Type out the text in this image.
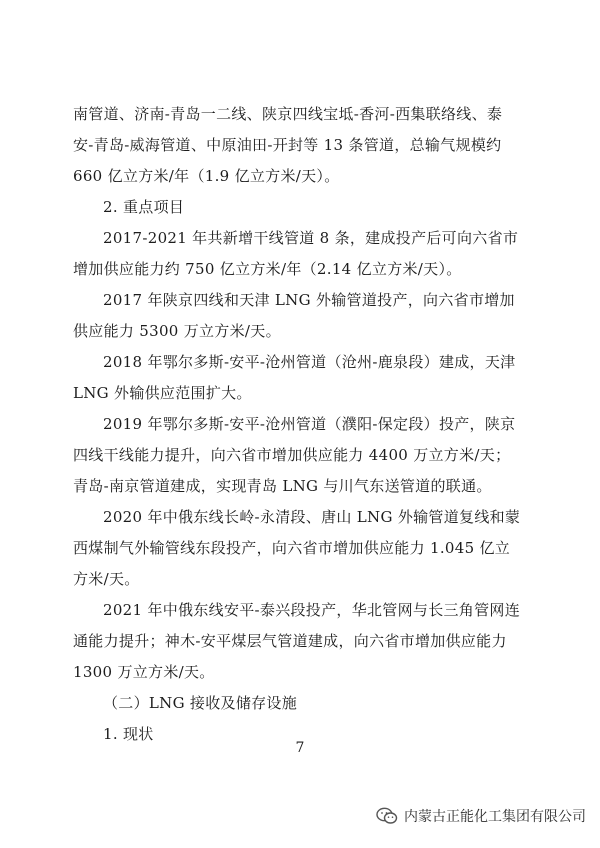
南管道、济南-青岛一二线、陕京四线宝坻-香河-西集联络线、泰安-青岛-威海管道、中原油田-开封等 13 条管道，总输气规模约 660 亿立方米/年（1.9 亿立方米/天）。

2. 重点项目

2017-2021 年共新增干线管道 8 条，建成投产后可向六省市增加供应能力约 750 亿立方米/年（2.14 亿立方米/天）。

2017 年陕京四线和天津 LNG 外输管道投产，向六省市增加供应能力 5300 万立方米/天。

2018 年鄂尔多斯-安平-沧州管道（沧州-鹿泉段）建成，天津 LNG 外输供应范围扩大。

2019 年鄂尔多斯-安平-沧州管道（濮阳-保定段）投产，陕京四线干线能力提升，向六省市增加供应能力 4400 万立方米/天；青岛-南京管道建成，实现青岛 LNG 与川气东送管道的联通。

2020 年中俄东线长岭-永清段、唐山 LNG 外输管道复线和蒙西煤制气外输管线东段投产，向六省市增加供应能力 1.045 亿立方米/天。

2021 年中俄东线安平-泰兴段投产，华北管网与长三角管网连通能力提升；神木-安平煤层气管道建成，向六省市增加供应能力 1300 万立方米/天。

（二）LNG 接收及储存设施

1. 现状

7
内蒙古正能化工集团有限公司
